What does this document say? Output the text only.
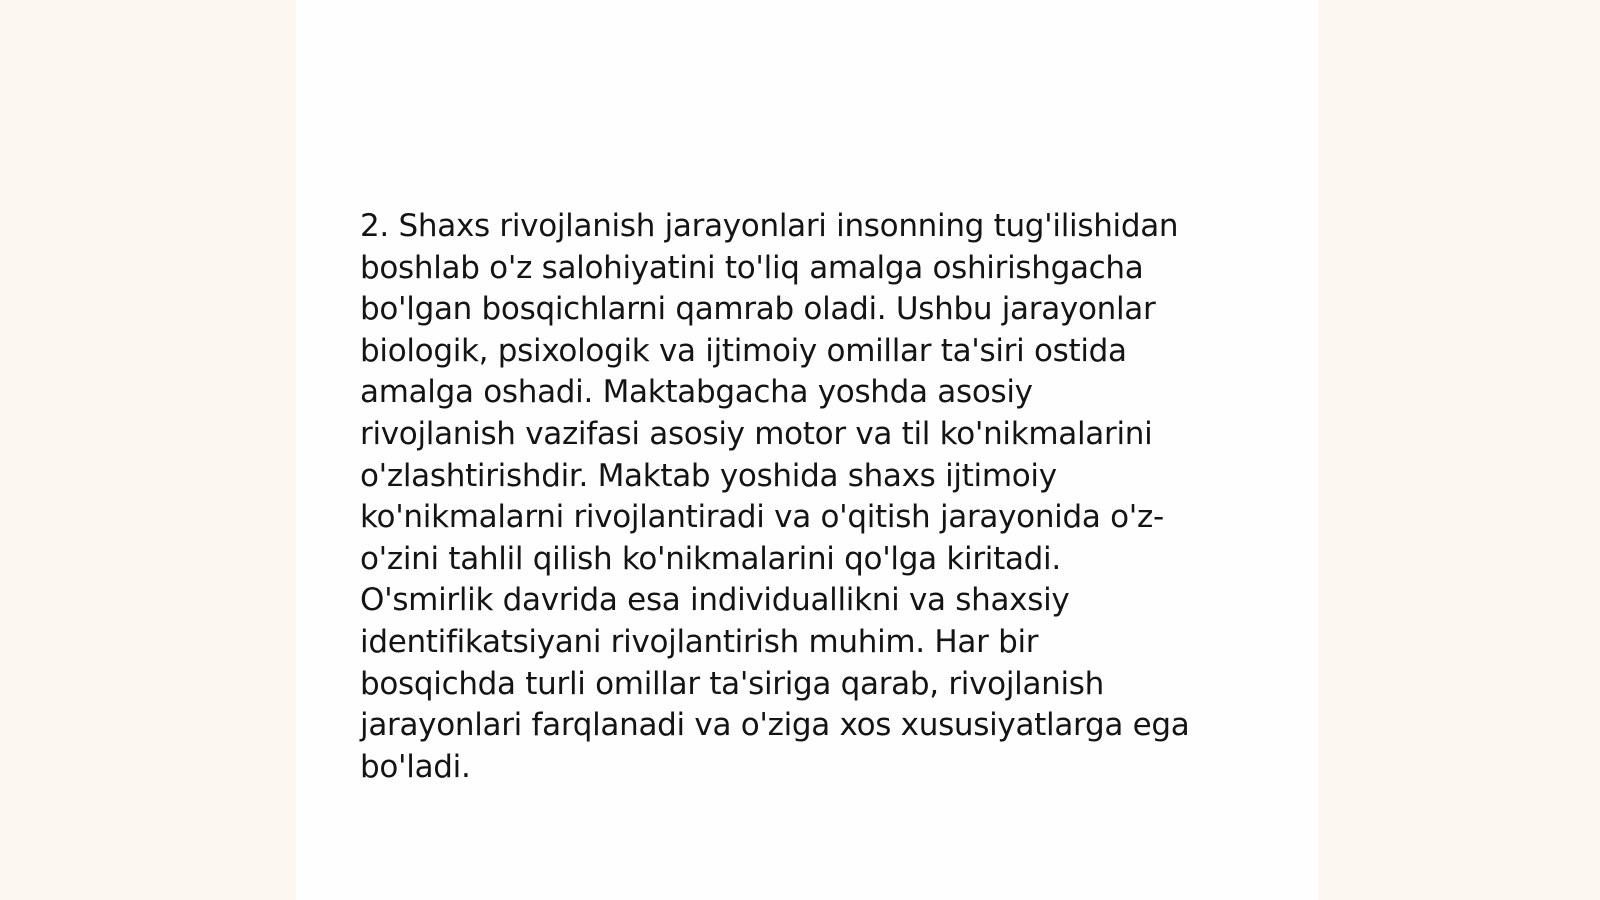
2. Shaxs rivojlanish jarayonlari insonning tug'ilishidan
boshlab o'z salohiyatini to'liq amalga oshirishgacha
bo'lgan bosqichlarni qamrab oladi. Ushbu jarayonlar
biologik, psixologik va ijtimoiy omillar ta'siri ostida
amalga oshadi. Maktabgacha yoshda asosiy
rivojlanish vazifasi asosiy motor va til ko'nikmalarini
o'zlashtirishdir. Maktab yoshida shaxs ijtimoiy
ko'nikmalarni rivojlantiradi va o'qitish jarayonida o'z-
o'zini tahlil qilish ko'nikmalarini qo'lga kiritadi.
O'smirlik davrida esa individuallikni va shaxsiy
identifikatsiyani rivojlantirish muhim. Har bir
bosqichda turli omillar ta'siriga qarab, rivojlanish
jarayonlari farqlanadi va o'ziga xos xususiyatlarga ega
bo'ladi.
